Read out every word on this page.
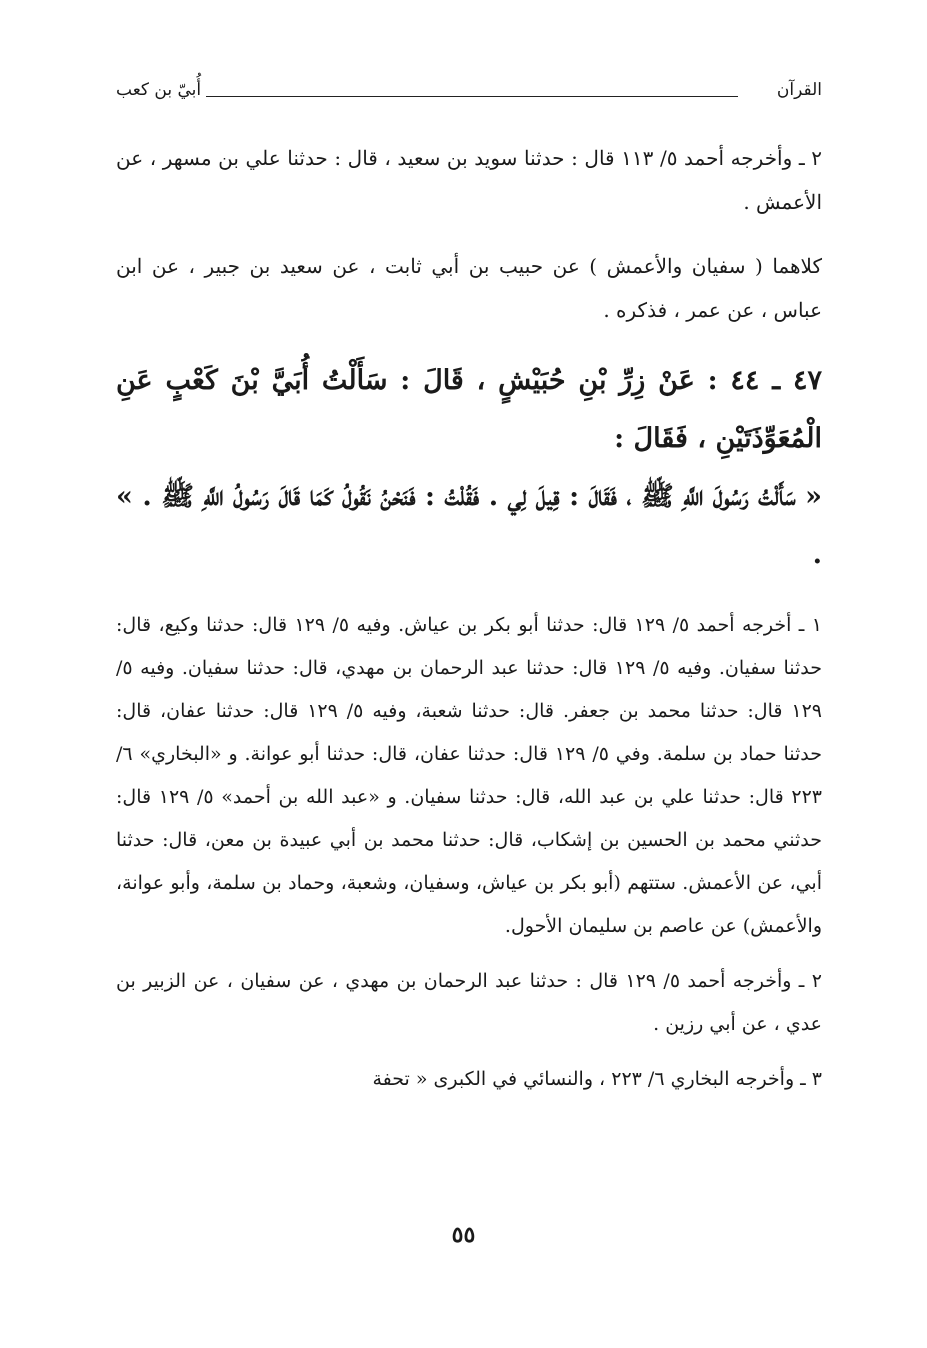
القرآن
أُبيّ بن كعب

٢ ـ وأخرجه أحمد ٥/ ١١٣ قال : حدثنا سويد بن سعيد ، قال : حدثنا علي بن مسهر ، عن الأعمش .

كلاهما ( سفيان والأعمش ) عن حبيب بن أبي ثابت ، عن سعيد بن جبير ، عن ابن عباس ، عن عمر ، فذكره .

٤٧ ـ ٤٤ : عَنْ زِرِّ بْنِ حُبَيْشٍ ، قَالَ : سَأَلْتُ أُبَيَّ بْنَ كَعْبٍ عَنِ الْمُعَوِّذَتَيْنِ ، فَقَالَ :

« سَأَلْتُ رَسُولَ اللَّهِ ﷺ ، فَقَالَ : قِيلَ لِي . فَقُلْتُ : فَنَحْنُ نَقُولُ كَمَا قَالَ رَسُولُ اللَّهِ ﷺ . » .

١ ـ أخرجه أحمد ٥/ ١٢٩ قال: حدثنا أبو بكر بن عياش. وفيه ٥/ ١٢٩ قال: حدثنا وكيع، قال: حدثنا سفيان. وفيه ٥/ ١٢٩ قال: حدثنا عبد الرحمان بن مهدي، قال: حدثنا سفيان. وفيه ٥/ ١٢٩ قال: حدثنا محمد بن جعفر. قال: حدثنا شعبة، وفيه ٥/ ١٢٩ قال: حدثنا عفان، قال: حدثنا حماد بن سلمة. وفي ٥/ ١٢٩ قال: حدثنا عفان، قال: حدثنا أبو عوانة. و «البخاري» ٦/ ٢٢٣ قال: حدثنا علي بن عبد الله، قال: حدثنا سفيان. و «عبد الله بن أحمد» ٥/ ١٢٩ قال: حدثني محمد بن الحسين بن إشكاب، قال: حدثنا محمد بن أبي عبيدة بن معن، قال: حدثنا أبي، عن الأعمش. ستتهم (أبو بكر بن عياش، وسفيان، وشعبة، وحماد بن سلمة، وأبو عوانة، والأعمش) عن عاصم بن سليمان الأحول.

٢ ـ وأخرجه أحمد ٥/ ١٢٩ قال : حدثنا عبد الرحمان بن مهدي ، عن سفيان ، عن الزبير بن عدي ، عن أبي رزين .

٣ ـ وأخرجه البخاري ٦/ ٢٢٣ ، والنسائي في الكبرى « تحفة

٥٥
